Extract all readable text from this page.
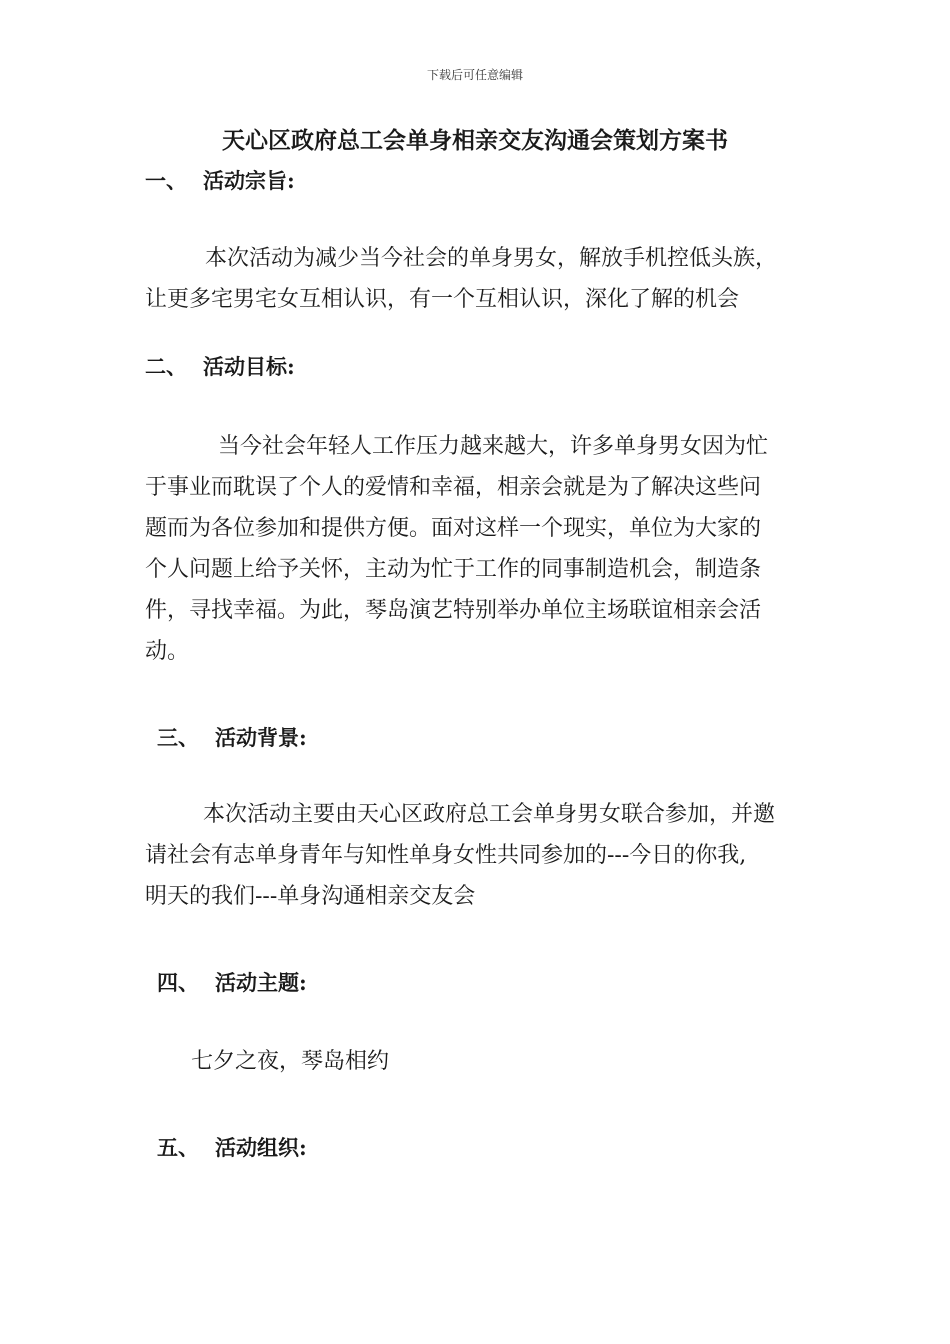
下载后可任意编辑
天心区政府总工会单身相亲交友沟通会策划方案书
一、 活动宗旨:
本次活动为减少当今社会的单身男女，解放手机控低头族，
让更多宅男宅女互相认识，有一个互相认识，深化了解的机会
二、 活动目标:
当今社会年轻人工作压力越来越大，许多单身男女因为忙
于事业而耽误了个人的爱情和幸福，相亲会就是为了解决这些问
题而为各位参加和提供方便。面对这样一个现实，单位为大家的
个人问题上给予关怀，主动为忙于工作的同事制造机会，制造条
件，寻找幸福。为此，琴岛演艺特别举办单位主场联谊相亲会活
动。
三、 活动背景:
本次活动主要由天心区政府总工会单身男女联合参加，并邀
请社会有志单身青年与知性单身女性共同参加的---今日的你我,
明天的我们---单身沟通相亲交友会
四、 活动主题:
七夕之夜，琴岛相约
五、 活动组织:
